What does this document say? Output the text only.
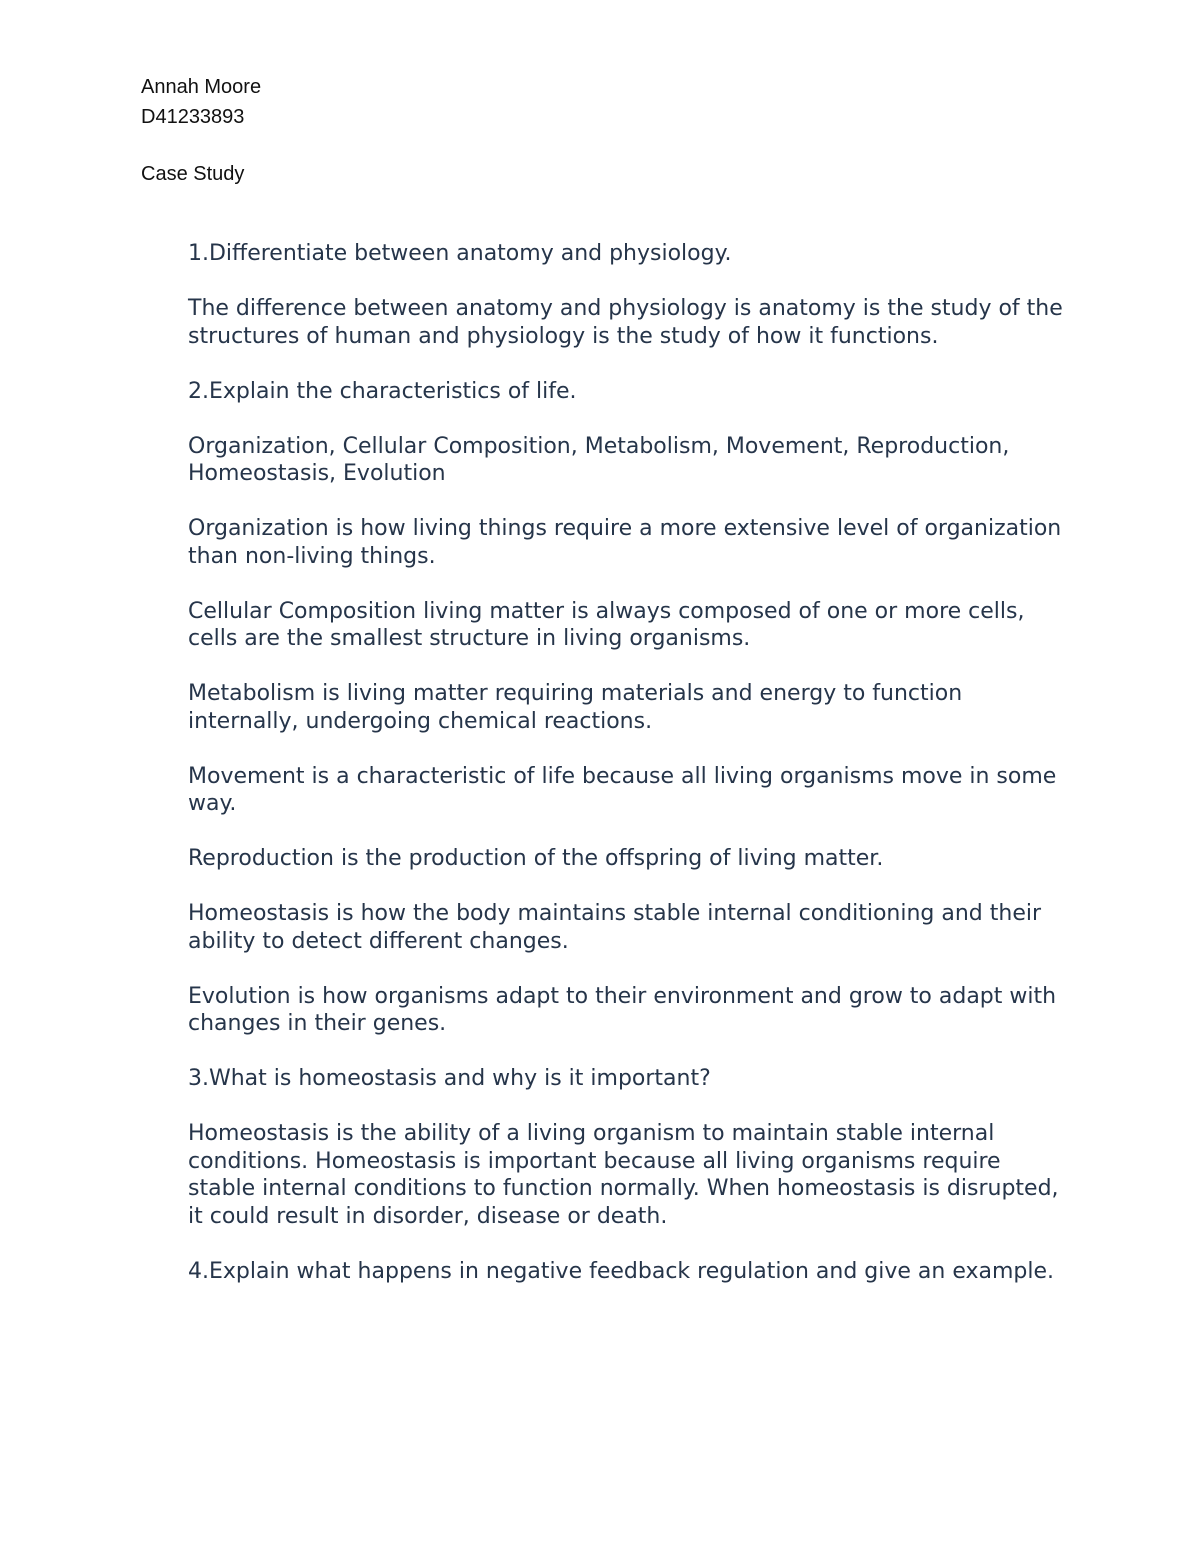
Annah Moore
D41233893
Case Study

1.Differentiate between anatomy and physiology.

The difference between anatomy and physiology is anatomy is the study of the structures of human and physiology is the study of how it functions.

2.Explain the characteristics of life.

Organization, Cellular Composition, Metabolism, Movement, Reproduction, Homeostasis, Evolution

Organization is how living things require a more extensive level of organization than non-living things.

Cellular Composition living matter is always composed of one or more cells, cells are the smallest structure in living organisms.

Metabolism is living matter requiring materials and energy to function internally, undergoing chemical reactions.

Movement is a characteristic of life because all living organisms move in some way.

Reproduction is the production of the offspring of living matter.

Homeostasis is how the body maintains stable internal conditioning and their ability to detect different changes.

Evolution is how organisms adapt to their environment and grow to adapt with changes in their genes.

3.What is homeostasis and why is it important?

Homeostasis is the ability of a living organism to maintain stable internal conditions. Homeostasis is important because all living organisms require stable internal conditions to function normally. When homeostasis is disrupted, it could result in disorder, disease or death.

4.Explain what happens in negative feedback regulation and give an example.
